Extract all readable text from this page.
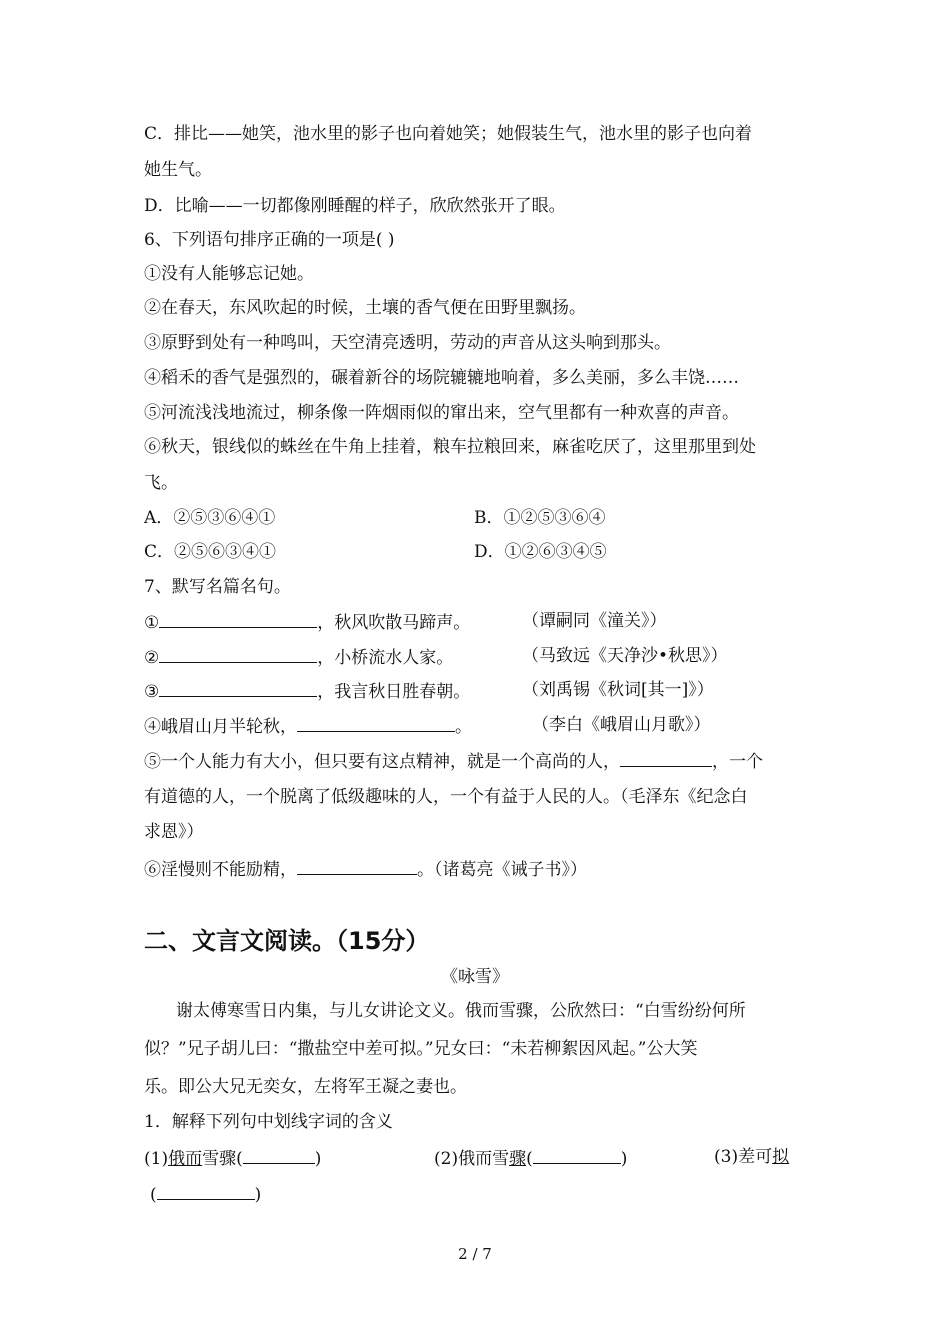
C．排比——她笑，池水里的影子也向着她笑；她假装生气，池水里的影子也向着
她生气。
D．比喻——一切都像刚睡醒的样子，欣欣然张开了眼。
6、下列语句排序正确的一项是( )
①没有人能够忘记她。
②在春天，东风吹起的时候，土壤的香气便在田野里飘扬。
③原野到处有一种鸣叫，天空清亮透明，劳动的声音从这头响到那头。
④稻禾的香气是强烈的，碾着新谷的场院辘辘地响着，多么美丽，多么丰饶……
⑤河流浅浅地流过，柳条像一阵烟雨似的窜出来，空气里都有一种欢喜的声音。
⑥秋天，银线似的蛛丝在牛角上挂着，粮车拉粮回来，麻雀吃厌了，这里那里到处
飞。
A．②⑤③⑥④①	B．①②⑤③⑥④
C．②⑤⑥③④①	D．①②⑥③④⑤
7、默写名篇名句。
①	，秋风吹散马蹄声。	（谭嗣同《潼关》）
②	，小桥流水人家。	（马致远《天净沙•秋思》）
③	，我言秋日胜春朝。	（刘禹锡《秋词[其一]》）
④峨眉山月半轮秋，	。	（李白《峨眉山月歌》）
⑤一个人能力有大小，但只要有这点精神，就是一个高尚的人，	，一个
有道德的人，一个脱离了低级趣味的人，一个有益于人民的人。（毛泽东《纪念白
求恩》）
⑥淫慢则不能励精，	。（诸葛亮《诫子书》）
二、文言文阅读。（15分）
《咏雪》
谢太傅寒雪日内集，与儿女讲论文义。俄而雪骤，公欣然曰：“白雪纷纷何所
似？”兄子胡儿曰：“撒盐空中差可拟。”兄女曰：“未若柳絮因风起。”公大笑
乐。即公大兄无奕女，左将军王凝之妻也。
1．解释下列句中划线字词的含义
(1)俄而雪骤(	)	(2)俄而雪骤(	)	(3)差可拟
(	)
2 / 7
